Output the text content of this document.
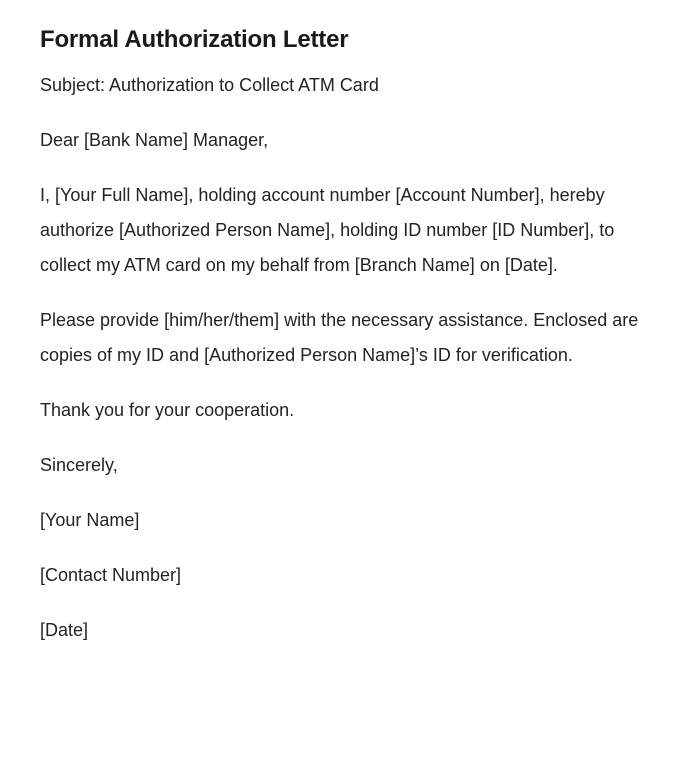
Formal Authorization Letter

Subject: Authorization to Collect ATM Card

Dear [Bank Name] Manager,

I, [Your Full Name], holding account number [Account Number], hereby authorize [Authorized Person Name], holding ID number [ID Number], to collect my ATM card on my behalf from [Branch Name] on [Date].

Please provide [him/her/them] with the necessary assistance. Enclosed are copies of my ID and [Authorized Person Name]’s ID for verification.

Thank you for your cooperation.

Sincerely,

[Your Name]

[Contact Number]

[Date]
